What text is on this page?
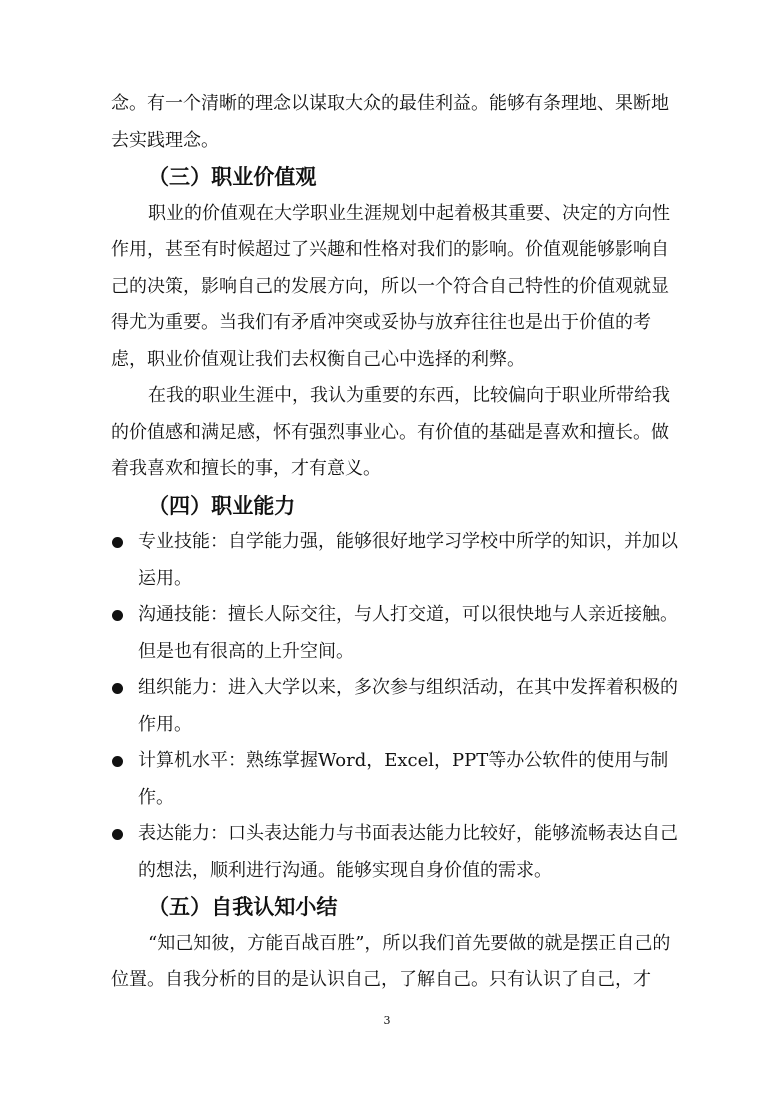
念。有一个清晰的理念以谋取大众的最佳利益。能够有条理地、果断地去实践理念。

（三）职业价值观

职业的价值观在大学职业生涯规划中起着极其重要、决定的方向性作用，甚至有时候超过了兴趣和性格对我们的影响。价值观能够影响自己的决策，影响自己的发展方向，所以一个符合自己特性的价值观就显得尤为重要。当我们有矛盾冲突或妥协与放弃往往也是出于价值的考虑，职业价值观让我们去权衡自己心中选择的利弊。

在我的职业生涯中，我认为重要的东西，比较偏向于职业所带给我的价值感和满足感，怀有强烈事业心。有价值的基础是喜欢和擅长。做着我喜欢和擅长的事，才有意义。

（四）职业能力
专业技能：自学能力强，能够很好地学习学校中所学的知识，并加以运用。
沟通技能：擅长人际交往，与人打交道，可以很快地与人亲近接触。但是也有很高的上升空间。
组织能力：进入大学以来，多次参与组织活动，在其中发挥着积极的作用。
计算机水平：熟练掌握Word，Excel，PPT等办公软件的使用与制作。
表达能力：口头表达能力与书面表达能力比较好，能够流畅表达自己的想法，顺利进行沟通。能够实现自身价值的需求。
（五）自我认知小结

“知己知彼，方能百战百胜”，所以我们首先要做的就是摆正自己的位置。自我分析的目的是认识自己，了解自己。只有认识了自己，才

3
